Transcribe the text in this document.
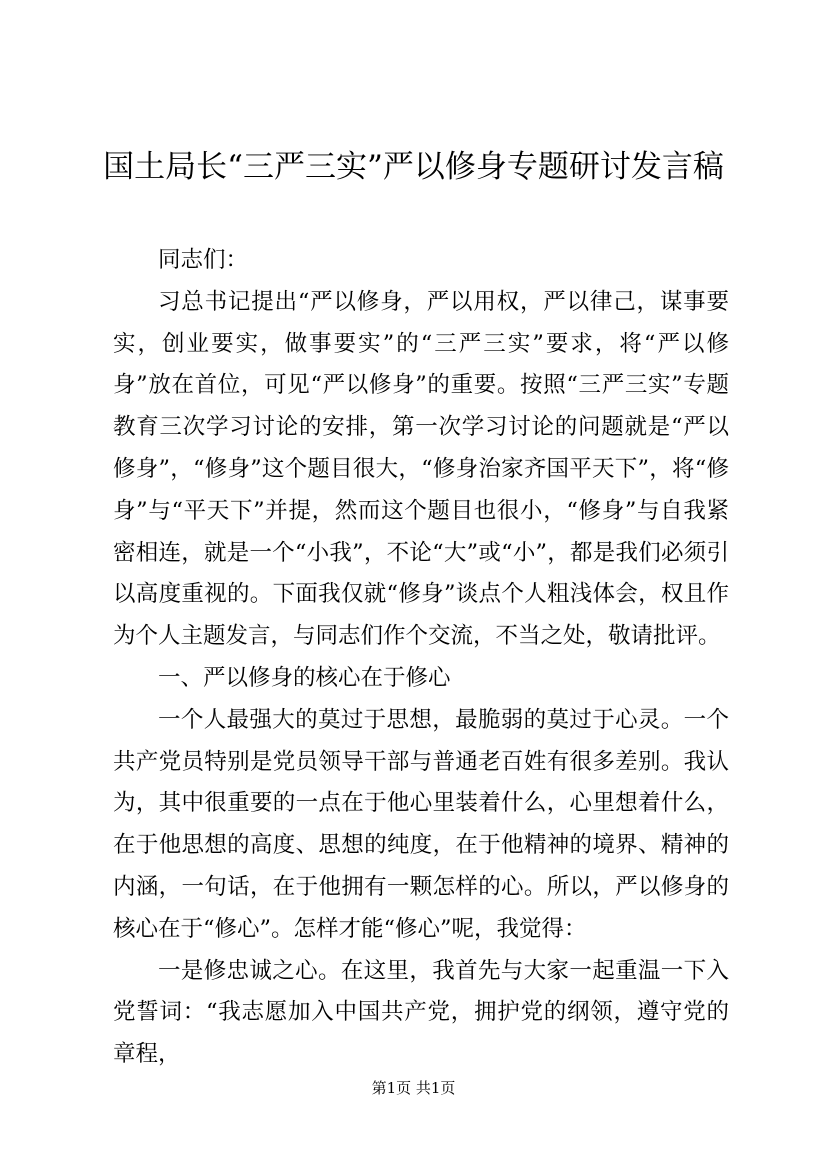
国土局长“三严三实”严以修身专题研讨发言稿

同志们：

习总书记提出“严以修身，严以用权，严以律己，谋事要实，创业要实，做事要实”的“三严三实”要求，将“严以修身”放在首位，可见“严以修身”的重要。按照“三严三实”专题教育三次学习讨论的安排，第一次学习讨论的问题就是“严以修身”，“修身”这个题目很大，“修身治家齐国平天下”，将“修身”与“平天下”并提，然而这个题目也很小，“修身”与自我紧密相连，就是一个“小我”，不论“大”或“小”，都是我们必须引以高度重视的。下面我仅就“修身”谈点个人粗浅体会，权且作为个人主题发言，与同志们作个交流，不当之处，敬请批评。

一、严以修身的核心在于修心

一个人最强大的莫过于思想，最脆弱的莫过于心灵。一个共产党员特别是党员领导干部与普通老百姓有很多差别。我认为，其中很重要的一点在于他心里装着什么，心里想着什么，在于他思想的高度、思想的纯度，在于他精神的境界、精神的内涵，一句话，在于他拥有一颗怎样的心。所以，严以修身的核心在于“修心”。怎样才能“修心”呢，我觉得：

一是修忠诚之心。在这里，我首先与大家一起重温一下入党誓词：“我志愿加入中国共产党，拥护党的纲领，遵守党的章程，

第1页 共1页
